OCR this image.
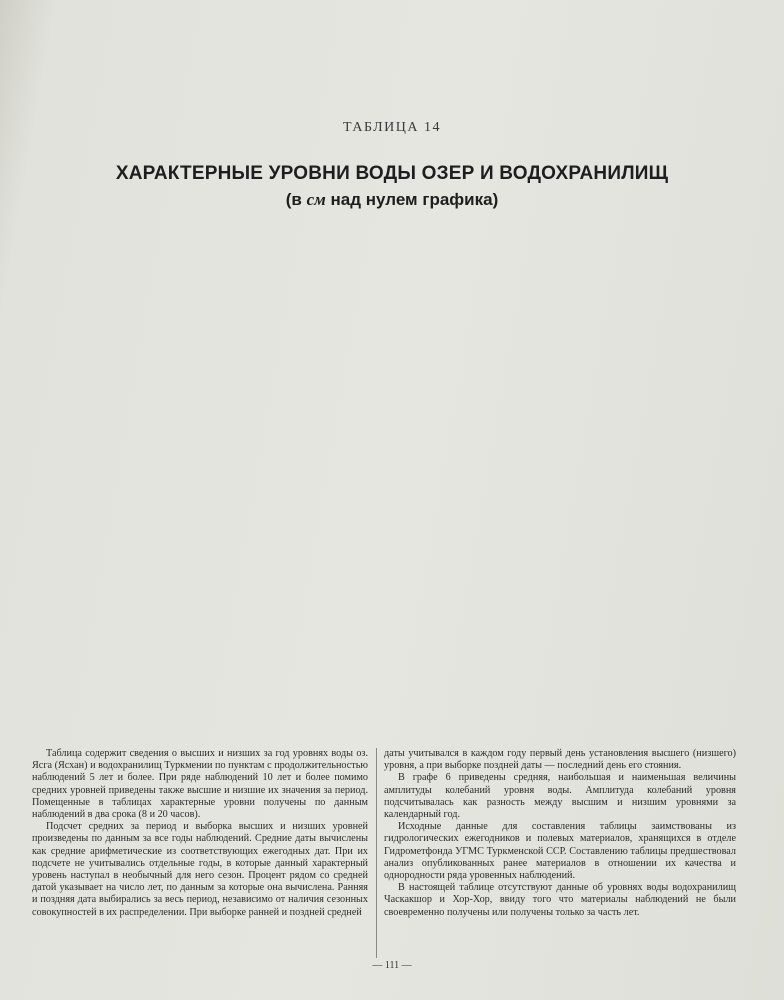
ТАБЛИЦА 14
ХАРАКТЕРНЫЕ УРОВНИ ВОДЫ ОЗЕР И ВОДОХРАНИЛИЩ
(в см над нулем графика)

Таблица содержит сведения о высших и низших за год уровнях воды оз. Ясга (Ясхан) и водохранилищ Туркмении по пунктам с продолжительностью наблюдений 5 лет и более. При ряде наблюдений 10 лет и более помимо средних уровней приведены также высшие и низшие их значения за период. Помещенные в таблицах характерные уровни получены по данным наблюдений в два срока (8 и 20 часов).

Подсчет средних за период и выборка высших и низших уровней произведены по данным за все годы наблюдений. Средние даты вычислены как средние арифметические из соответствующих ежегодных дат. При их подсчете не учитывались отдельные годы, в которые данный характерный уровень наступал в необычный для него сезон. Процент рядом со средней датой указывает на число лет, по данным за которые она вычислена. Ранняя и поздняя дата выбирались за весь период, независимо от наличия сезонных совокупностей в их распределении. При выборке ранней и поздней средней

даты учитывался в каждом году первый день установления высшего (низшего) уровня, а при выборке поздней даты — последний день его стояния.

В графе 6 приведены средняя, наибольшая и наименьшая величины амплитуды колебаний уровня воды. Амплитуда колебаний уровня подсчитывалась как разность между высшим и низшим уровнями за календарный год.

Исходные данные для составления таблицы заимствованы из гидрологических ежегодников и полевых материалов, хранящихся в отделе Гидрометфонда УГМС Туркменской ССР. Составлению таблицы предшествовал анализ опубликованных ранее материалов в отношении их качества и однородности ряда уровенных наблюдений.

В настоящей таблице отсутствуют данные об уровнях воды водохранилищ Часкакшор и Хор-Хор, ввиду того что материалы наблюдений не были своевременно получены или получены только за часть лет.

— 111 —
